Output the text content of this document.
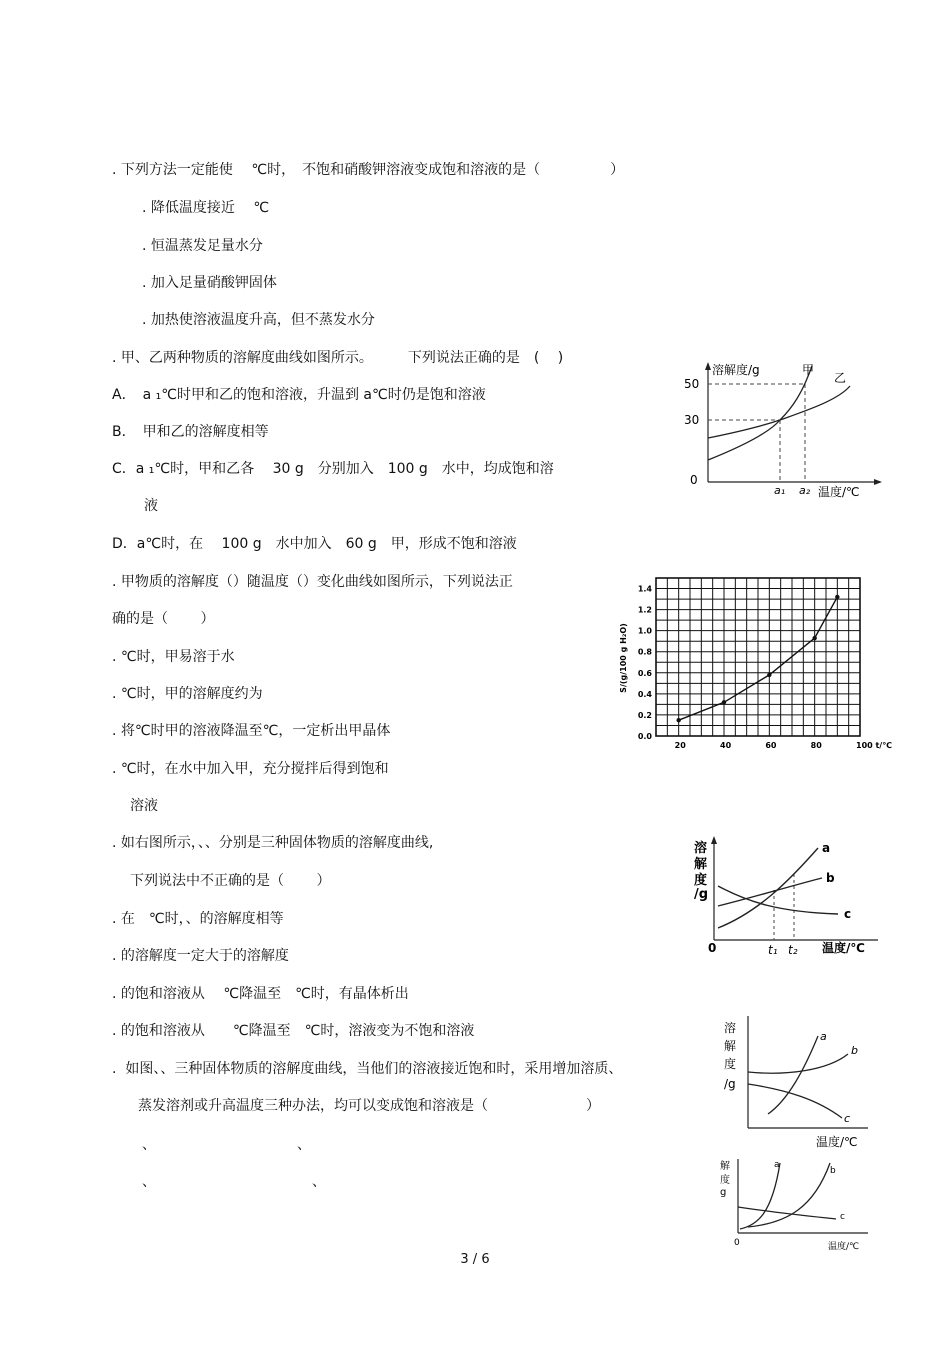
. 下列方法一定能使　 ℃时，　不饱和硝酸钾溶液变成饱和溶液的是（　　　　　）
. 降低温度接近　 ℃
. 恒温蒸发足量水分
. 加入足量硝酸钾固体
. 加热使溶液温度升高，但不蒸发水分
. 甲、乙两种物质的溶解度曲线如图所示。　　　下列说法正确的是　(　 )
A．　a ₁℃时甲和乙的饱和溶液，升温到 a℃时仍是饱和溶液
B．　甲和乙的溶解度相等
C．a ₁℃时，甲和乙各　 30 g　分别加入　100 g　水中，均成饱和溶
液
D．a℃时，在　 100 g　水中加入　60 g　甲，形成不饱和溶液
. 甲物质的溶解度（）随温度（）变化曲线如图所示，下列说法正
确的是（　　 ）
. ℃时，甲易溶于水
. ℃时，甲的溶解度约为
. 将℃时甲的溶液降温至℃，一定析出甲晶体
. ℃时，在水中加入甲，充分搅拌后得到饱和
溶液
. 如右图所示，、、分别是三种固体物质的溶解度曲线,
下列说法中不正确的是（　　 ）
. 在　℃时，、的溶解度相等
. 的溶解度一定大于的溶解度
. 的饱和溶液从　 ℃降温至　℃时，有晶体析出
. 的饱和溶液从　　℃降温至　℃时，溶液变为不饱和溶液
.  如图、、三种固体物质的溶解度曲线，当他们的溶液接近饱和时，采用增加溶质、
蒸发溶剂或升高温度三种办法，均可以变成饱和溶液是（　　　　　　　）
、	、
、	、
溶解度/g
50
30
0
甲
乙
a₁ a₂ 温度/℃
0.0
0.2
0.4
0.6
0.8
1.0
1.2
1.4
20	40	60	80	100 t/℃
S/(g/100 g H₂O)
溶
解
度
/g
0
a
b
c
t₁ t₂ 温度/℃
溶
解
度
/g
a
b
c
温度/℃
解
度
g
0
a
b
c
温度/℃
3 / 6
